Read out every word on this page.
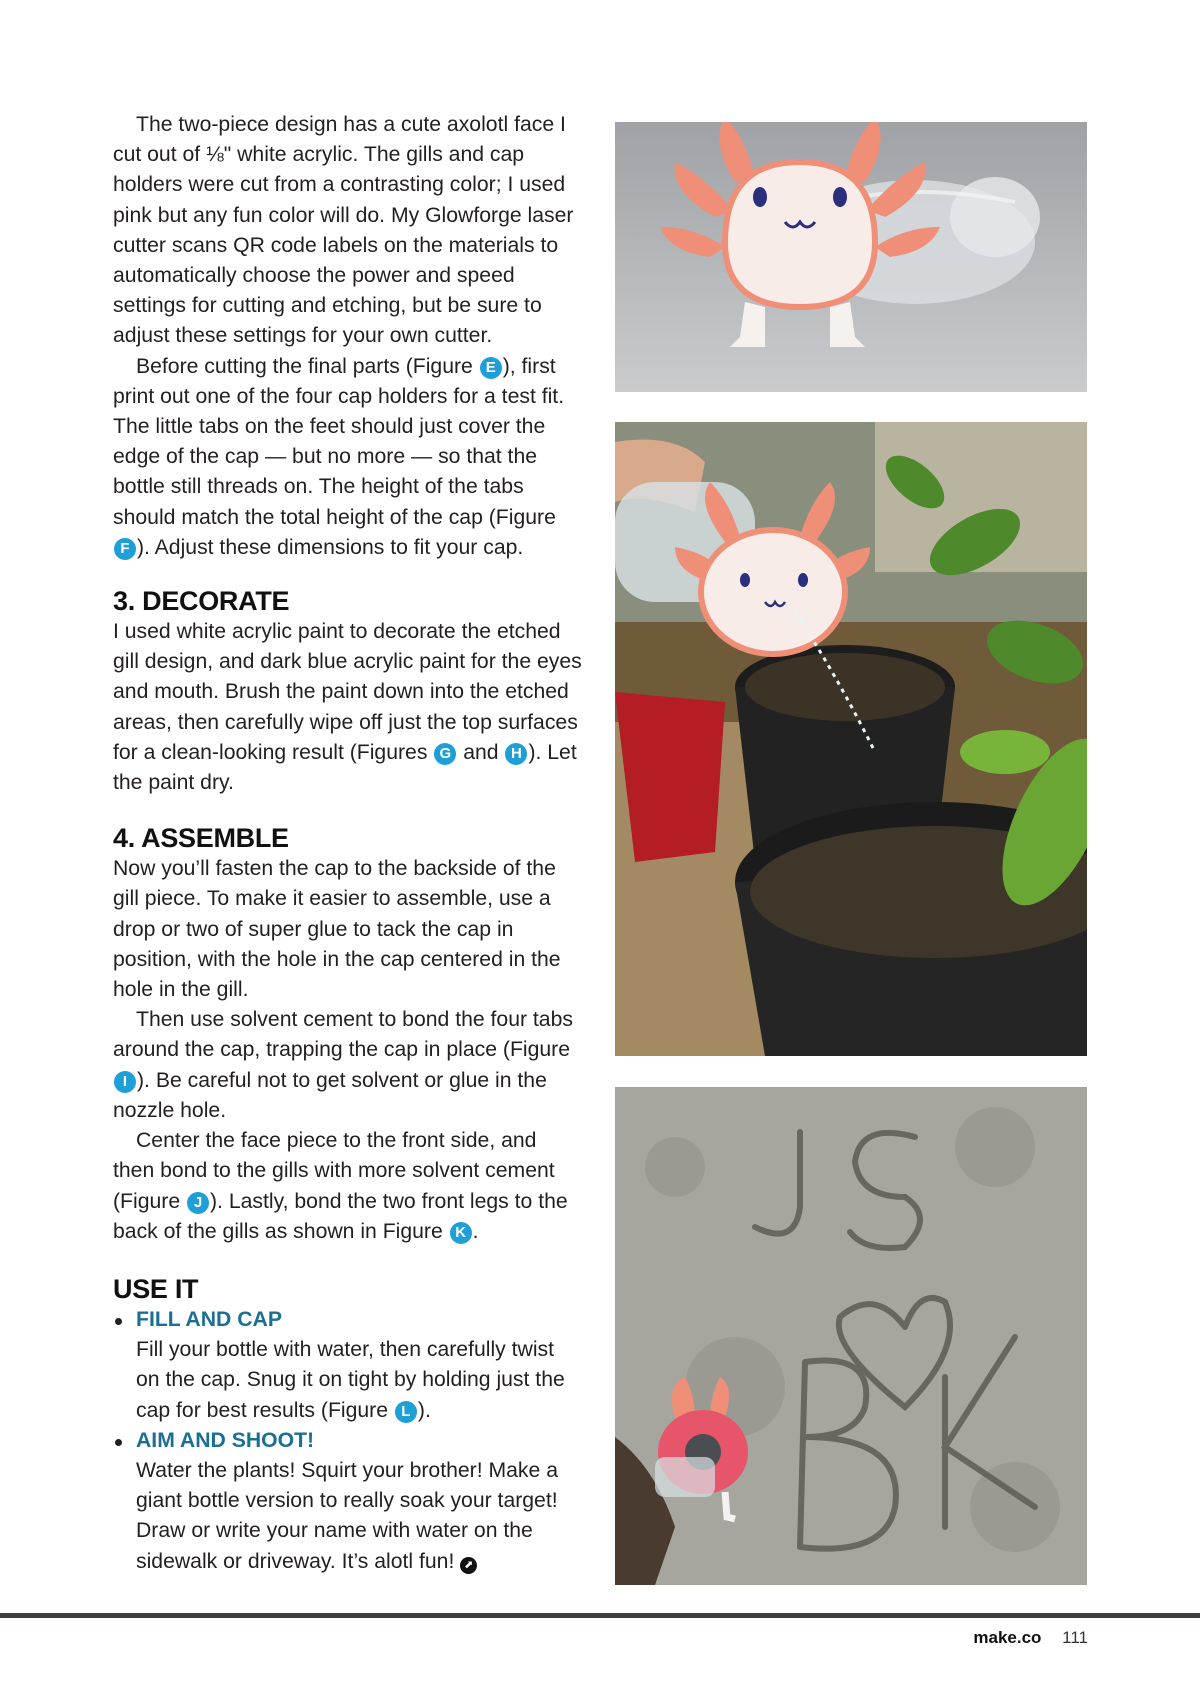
The two-piece design has a cute axolotl face I cut out of ⅛" white acrylic. The gills and cap holders were cut from a contrasting color; I used pink but any fun color will do. My Glowforge laser cutter scans QR code labels on the materials to automatically choose the power and speed settings for cutting and etching, but be sure to adjust these settings for your own cutter.

Before cutting the final parts (Figure E ), first print out one of the four cap holders for a test fit. The little tabs on the feet should just cover the edge of the cap — but no more — so that the bottle still threads on. The height of the tabs should match the total height of the cap (Figure F ). Adjust these dimensions to fit your cap.

3. DECORATE

I used white acrylic paint to decorate the etched gill design, and dark blue acrylic paint for the eyes and mouth. Brush the paint down into the etched areas, then carefully wipe off just the top surfaces for a clean-looking result (Figures G and H ). Let the paint dry.

4. ASSEMBLE

Now you’ll fasten the cap to the backside of the gill piece. To make it easier to assemble, use a drop or two of super glue to tack the cap in position, with the hole in the cap centered in the hole in the gill.

Then use solvent cement to bond the four tabs around the cap, trapping the cap in place (Figure I ). Be careful not to get solvent or glue in the nozzle hole.

Center the face piece to the front side, and then bond to the gills with more solvent cement (Figure J ). Lastly, bond the two front legs to the back of the gills as shown in Figure K .

USE IT
FILL AND CAP
Fill your bottle with water, then carefully twist on the cap. Snug it on tight by holding just the cap for best results (Figure L ).
AIM AND SHOOT!
Water the plants! Squirt your brother! Make a giant bottle version to really soak your target! Draw or write your name with water on the sidewalk or driveway. It’s alotl fun! ⬈
make.co 111
